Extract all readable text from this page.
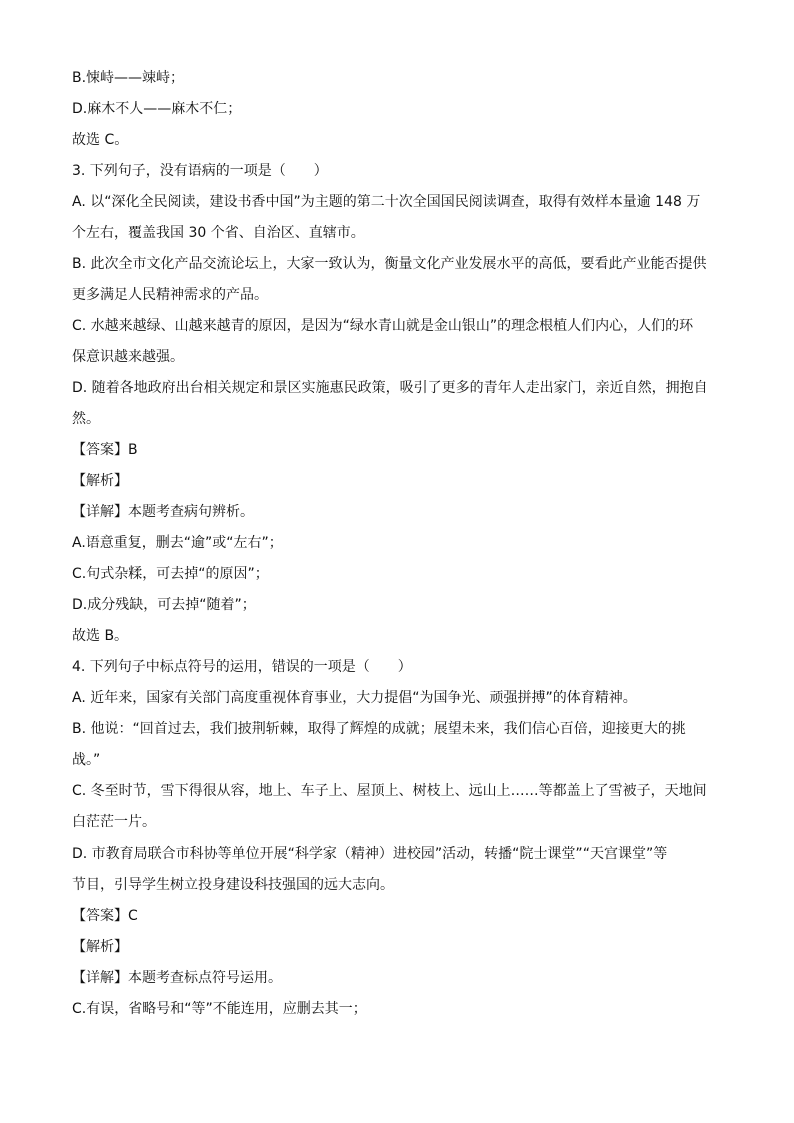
B.悚峙——竦峙；
D.麻木不人——麻木不仁；
故选 C。
3. 下列句子，没有语病的一项是（　　）
A. 以“深化全民阅读，建设书香中国”为主题的第二十次全国国民阅读调查，取得有效样本量逾 148 万
个左右，覆盖我国 30 个省、自治区、直辖市。
B. 此次全市文化产品交流论坛上，大家一致认为，衡量文化产业发展水平的高低，要看此产业能否提供
更多满足人民精神需求的产品。
C. 水越来越绿、山越来越青的原因，是因为“绿水青山就是金山银山”的理念根植人们内心，人们的环
保意识越来越强。
D. 随着各地政府出台相关规定和景区实施惠民政策，吸引了更多的青年人走出家门，亲近自然，拥抱自
然。
【答案】B
【解析】
【详解】本题考查病句辨析。
A.语意重复，删去“逾”或“左右”；
C.句式杂糅，可去掉“的原因”；
D.成分残缺，可去掉“随着”；
故选 B。
4. 下列句子中标点符号的运用，错误的一项是（　　）
A. 近年来，国家有关部门高度重视体育事业，大力提倡“为国争光、顽强拼搏”的体育精神。
B. 他说：“回首过去，我们披荆斩棘，取得了辉煌的成就；展望未来，我们信心百倍，迎接更大的挑
战。”
C. 冬至时节，雪下得很从容，地上、车子上、屋顶上、树枝上、远山上……等都盖上了雪被子，天地间
白茫茫一片。
D. 市教育局联合市科协等单位开展“科学家（精神）进校园”活动，转播“院士课堂”“天宫课堂”等
节目，引导学生树立投身建设科技强国的远大志向。
【答案】C
【解析】
【详解】本题考查标点符号运用。
C.有误，省略号和“等”不能连用，应删去其一；
